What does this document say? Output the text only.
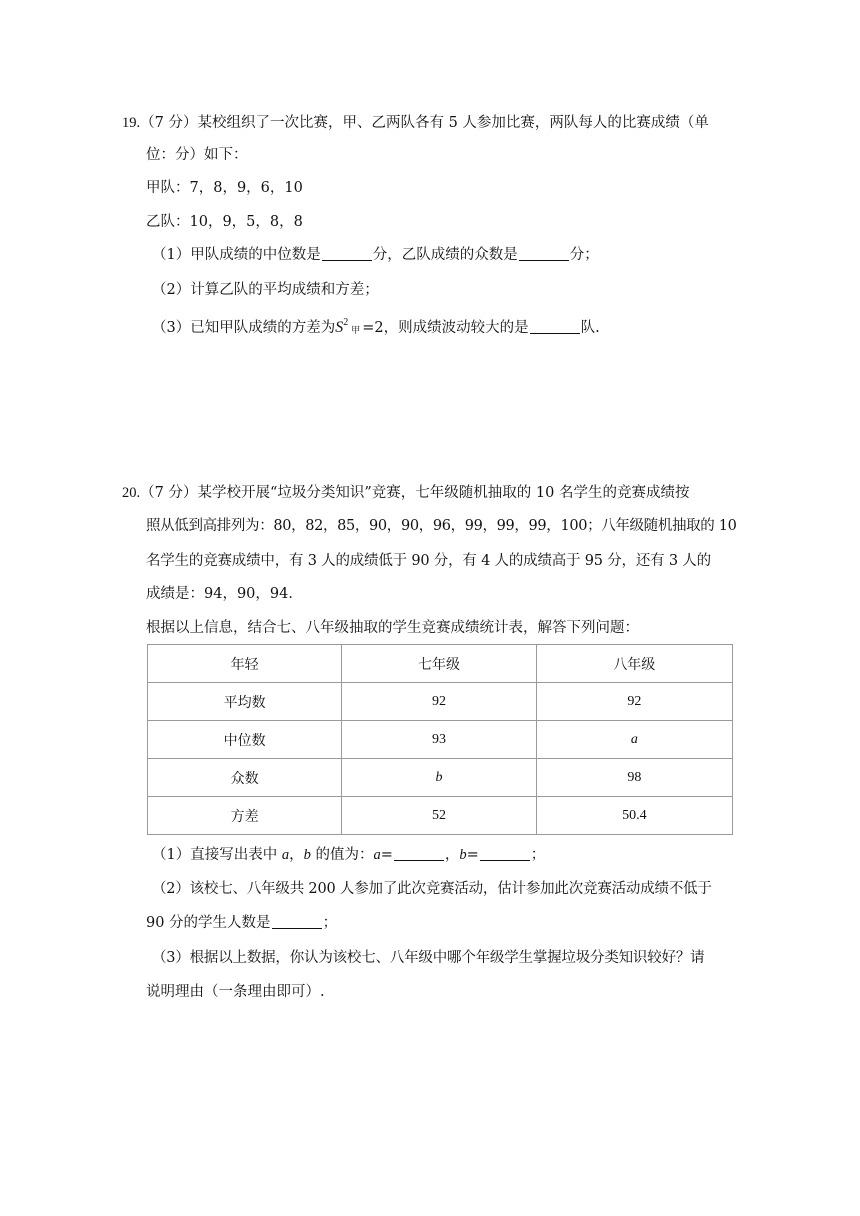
19.（7 分）某校组织了一次比赛，甲、乙两队各有 5 人参加比赛，两队每人的比赛成绩（单
位：分）如下：
甲队：7，8，9，6，10
乙队：10，9，5，8，8
（1）甲队成绩的中位数是	分，乙队成绩的众数是	分；
（2）计算乙队的平均成绩和方差；
（3）已知甲队成绩的方差为$S^2_甲 =2$，则成绩波动较大的是	队.
20.（7 分）某学校开展“垃圾分类知识”竞赛，七年级随机抽取的 10 名学生的竞赛成绩按
照从低到高排列为：80，82，85，90，90，96，99，99，99，100；八年级随机抽取的 10
名学生的竞赛成绩中，有 3 人的成绩低于 90 分，有 4 人的成绩高于 95 分，还有 3 人的
成绩是：94，90，94．
根据以上信息，结合七、八年级抽取的学生竞赛成绩统计表，解答下列问题：
年轻	七年级	八年级
平均数	92	92
中位数	93	a
众数	b	98
方差	52	50.4
（1）直接写出表中 a，b 的值为：a=	，b=	；
（2）该校七、八年级共 200 人参加了此次竞赛活动，估计参加此次竞赛活动成绩不低于
90 分的学生人数是	；
（3）根据以上数据，你认为该校七、八年级中哪个年级学生掌握垃圾分类知识较好？请
说明理由（一条理由即可）.
